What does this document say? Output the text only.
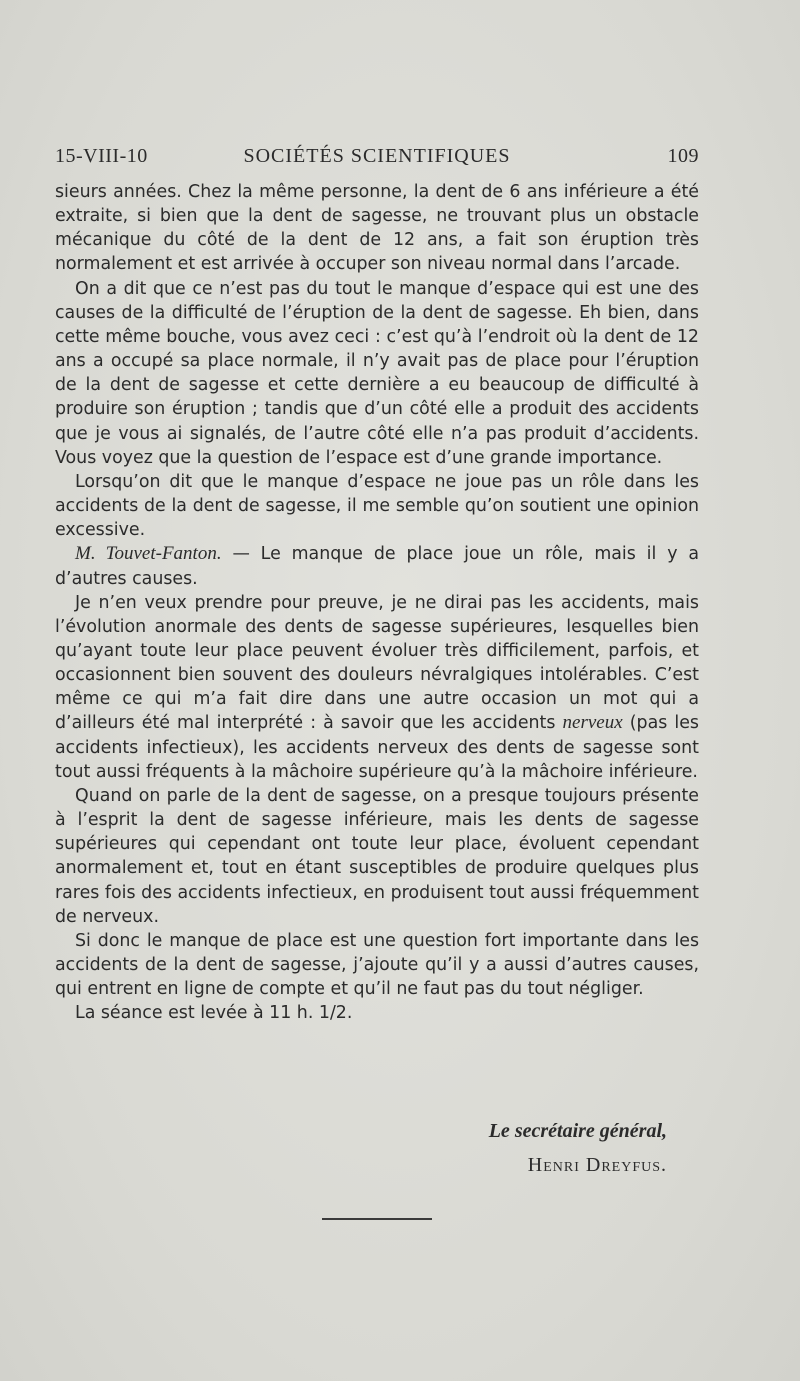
15-VIII-10	SOCIÉTÉS SCIENTIFIQUES	109

sieurs années. Chez la même personne, la dent de 6 ans inférieure a été extraite, si bien que la dent de sagesse, ne trouvant plus un obstacle mécanique du côté de la dent de 12 ans, a fait son éruption très normalement et est arrivée à occuper son niveau normal dans l’arcade.

On a dit que ce n’est pas du tout le manque d’espace qui est une des causes de la difficulté de l’éruption de la dent de sagesse. Eh bien, dans cette même bouche, vous avez ceci : c’est qu’à l’endroit où la dent de 12 ans a occupé sa place normale, il n’y avait pas de place pour l’éruption de la dent de sagesse et cette dernière a eu beaucoup de difficulté à produire son éruption ; tandis que d’un côté elle a produit des accidents que je vous ai signalés, de l’autre côté elle n’a pas produit d’accidents. Vous voyez que la question de l’espace est d’une grande importance.

Lorsqu’on dit que le manque d’espace ne joue pas un rôle dans les accidents de la dent de sagesse, il me semble qu’on soutient une opinion excessive.

M. Touvet-Fanton. — Le manque de place joue un rôle, mais il y a d’autres causes.

Je n’en veux prendre pour preuve, je ne dirai pas les accidents, mais l’évolution anormale des dents de sagesse supérieures, lesquelles bien qu’ayant toute leur place peuvent évoluer très difficilement, parfois, et occasionnent bien souvent des douleurs névralgiques intolérables. C’est même ce qui m’a fait dire dans une autre occasion un mot qui a d’ailleurs été mal interprété : à savoir que les accidents nerveux (pas les accidents infectieux), les accidents nerveux des dents de sagesse sont tout aussi fréquents à la mâchoire supérieure qu’à la mâchoire inférieure.

Quand on parle de la dent de sagesse, on a presque toujours présente à l’esprit la dent de sagesse inférieure, mais les dents de sagesse supérieures qui cependant ont toute leur place, évoluent cependant anormalement et, tout en étant susceptibles de produire quelques plus rares fois des accidents infectieux, en produisent tout aussi fréquemment de nerveux.

Si donc le manque de place est une question fort importante dans les accidents de la dent de sagesse, j’ajoute qu’il y a aussi d’autres causes, qui entrent en ligne de compte et qu’il ne faut pas du tout négliger.

La séance est levée à 11 h. 1/2.

Le secrétaire général,
Henri Dreyfus.
